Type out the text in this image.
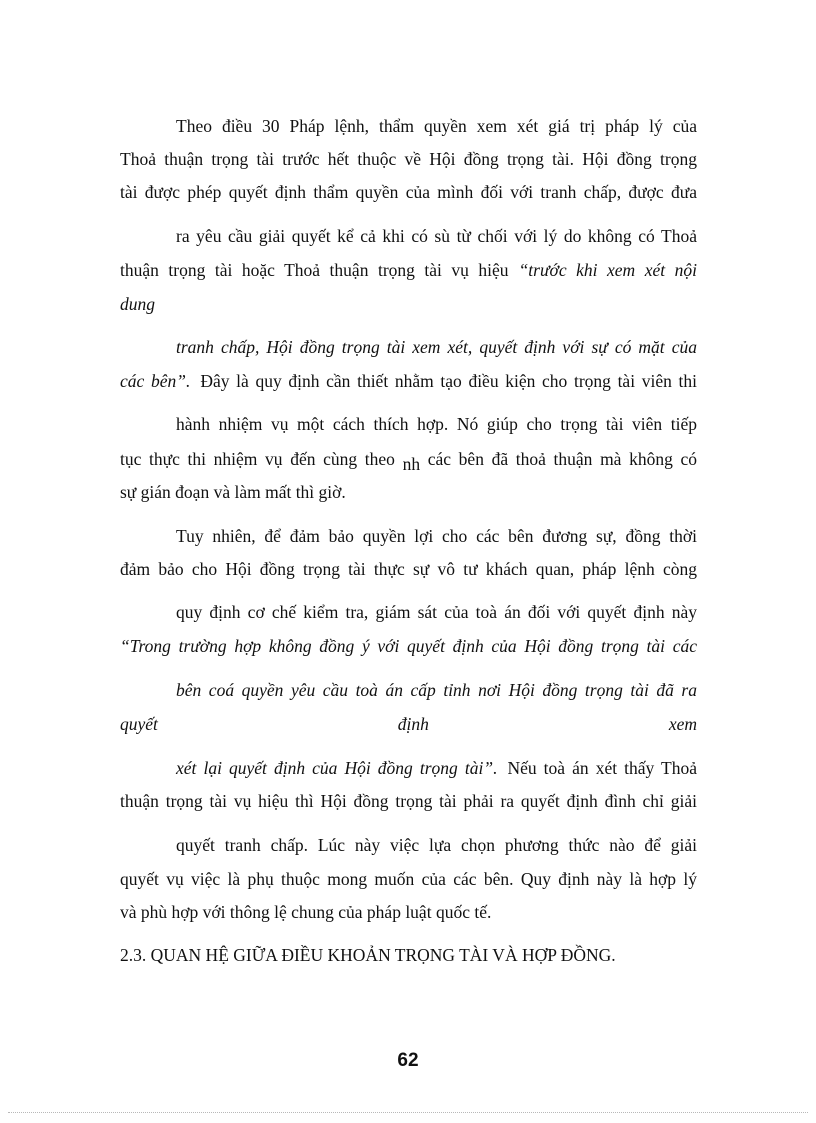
Theo điều 30 Pháp lệnh, thẩm quyền xem xét giá trị pháp lý của
Thoả thuận trọng tài trước hết thuộc về Hội đồng trọng tài. Hội đồng trọng
tài được phép quyết định thẩm quyền của mình đối với tranh chấp, được đưa
ra yêu cầu giải quyết kể cả khi có sù từ chối với lý do không có Thoả
thuận trọng tài hoặc Thoả thuận trọng tài vụ hiệu “trước khi xem xét nội
dung
tranh chấp, Hội đồng trọng tài xem xét, quyết định với sự có mặt của
các bên”. Đây là quy định cần thiết nhằm tạo điều kiện cho trọng tài viên thi
hành nhiệm vụ một cách thích hợp. Nó giúp cho trọng tài viên tiếp
tục thực thi nhiệm vụ đến cùng theo nh các bên đã thoả thuận mà không có
sự gián đoạn và làm mất thì giờ.
Tuy nhiên, để đảm bảo quyền lợi cho các bên đương sự, đồng thời
đảm bảo cho Hội đồng trọng tài thực sự vô tư khách quan, pháp lệnh còng
quy định cơ chế kiểm tra, giám sát của toà án đối với quyết định này
“Trong trường hợp không đồng ý với quyết định của Hội đồng trọng tài các
bên coá quyền yêu cầu toà án cấp tỉnh nơi Hội đồng trọng tài đã ra
quyết	định	xem
xét lại quyết định của Hội đồng trọng tài”. Nếu toà án xét thấy Thoả
thuận trọng tài vụ hiệu thì Hội đồng trọng tài phải ra quyết định đình chỉ giải
quyết tranh chấp. Lúc này việc lựa chọn phương thức nào để giải
quyết vụ việc là phụ thuộc mong muốn của các bên. Quy định này là hợp lý
và phù hợp với thông lệ chung của pháp luật quốc tế.
2.3. QUAN HỆ GIỮA ĐIỀU KHOẢN TRỌNG TÀI VÀ HỢP ĐỒNG.
62
